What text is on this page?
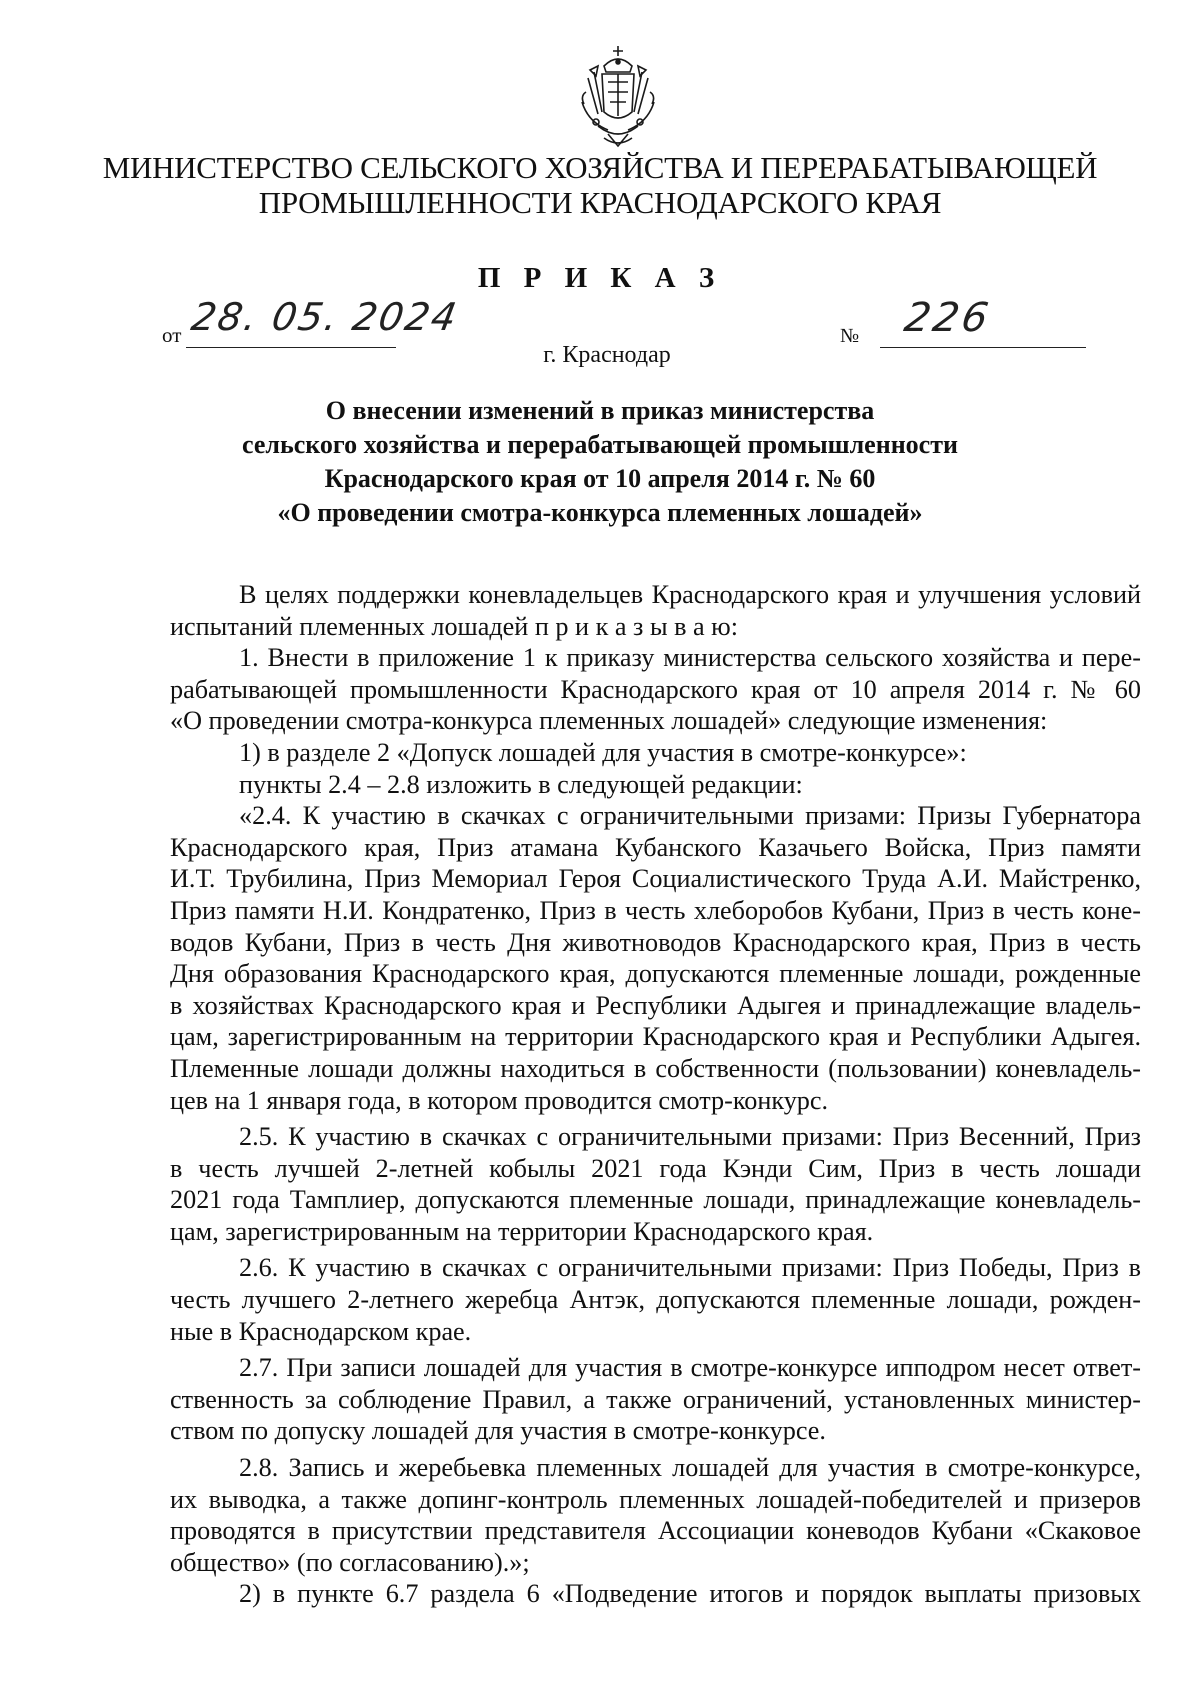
МИНИСТЕРСТВО СЕЛЬСКОГО ХОЗЯЙСТВА И ПЕРЕРАБАТЫВАЮЩЕЙ
ПРОМЫШЛЕННОСТИ КРАСНОДАРСКОГО КРАЯ
П Р И К А З
от 28. 05. 2024	№ 226
г. Краснодар
О внесении изменений в приказ министерства
сельского хозяйства и перерабатывающей промышленности
Краснодарского края от 10 апреля 2014 г. № 60
«О проведении смотра-конкурса племенных лошадей»
В целях поддержки коневладельцев Краснодарского края и улучшения условий
испытаний племенных лошадей п р и к а з ы в а ю:
1. Внести в приложение 1 к приказу министерства сельского хозяйства и пере-
рабатывающей промышленности Краснодарского края от 10 апреля 2014 г. № 60
«О проведении смотра-конкурса племенных лошадей» следующие изменения:
1) в разделе 2 «Допуск лошадей для участия в смотре-конкурсе»:
пункты 2.4 – 2.8 изложить в следующей редакции:
«2.4. К участию в скачках с ограничительными призами: Призы Губернатора
Краснодарского края, Приз атамана Кубанского Казачьего Войска, Приз памяти
И.Т. Трубилина, Приз Мемориал Героя Социалистического Труда А.И. Майстренко,
Приз памяти Н.И. Кондратенко, Приз в честь хлеборобов Кубани, Приз в честь коне-
водов Кубани, Приз в честь Дня животноводов Краснодарского края, Приз в честь
Дня образования Краснодарского края, допускаются племенные лошади, рожденные
в хозяйствах Краснодарского края и Республики Адыгея и принадлежащие владель-
цам, зарегистрированным на территории Краснодарского края и Республики Адыгея.
Племенные лошади должны находиться в собственности (пользовании) коневладель-
цев на 1 января года, в котором проводится смотр-конкурс.
2.5. К участию в скачках с ограничительными призами: Приз Весенний, Приз
в честь лучшей 2-летней кобылы 2021 года Кэнди Сим, Приз в честь лошади
2021 года Тамплиер, допускаются племенные лошади, принадлежащие коневладель-
цам, зарегистрированным на территории Краснодарского края.
2.6. К участию в скачках с ограничительными призами: Приз Победы, Приз в
честь лучшего 2-летнего жеребца Антэк, допускаются племенные лошади, рожден-
ные в Краснодарском крае.
2.7. При записи лошадей для участия в смотре-конкурсе ипподром несет ответ-
ственность за соблюдение Правил, а также ограничений, установленных министер-
ством по допуску лошадей для участия в смотре-конкурсе.
2.8. Запись и жеребьевка племенных лошадей для участия в смотре-конкурсе,
их выводка, а также допинг-контроль племенных лошадей-победителей и призеров
проводятся в присутствии представителя Ассоциации коневодов Кубани «Скаковое
общество» (по согласованию).»;
2) в пункте 6.7 раздела 6 «Подведение итогов и порядок выплаты призовых
